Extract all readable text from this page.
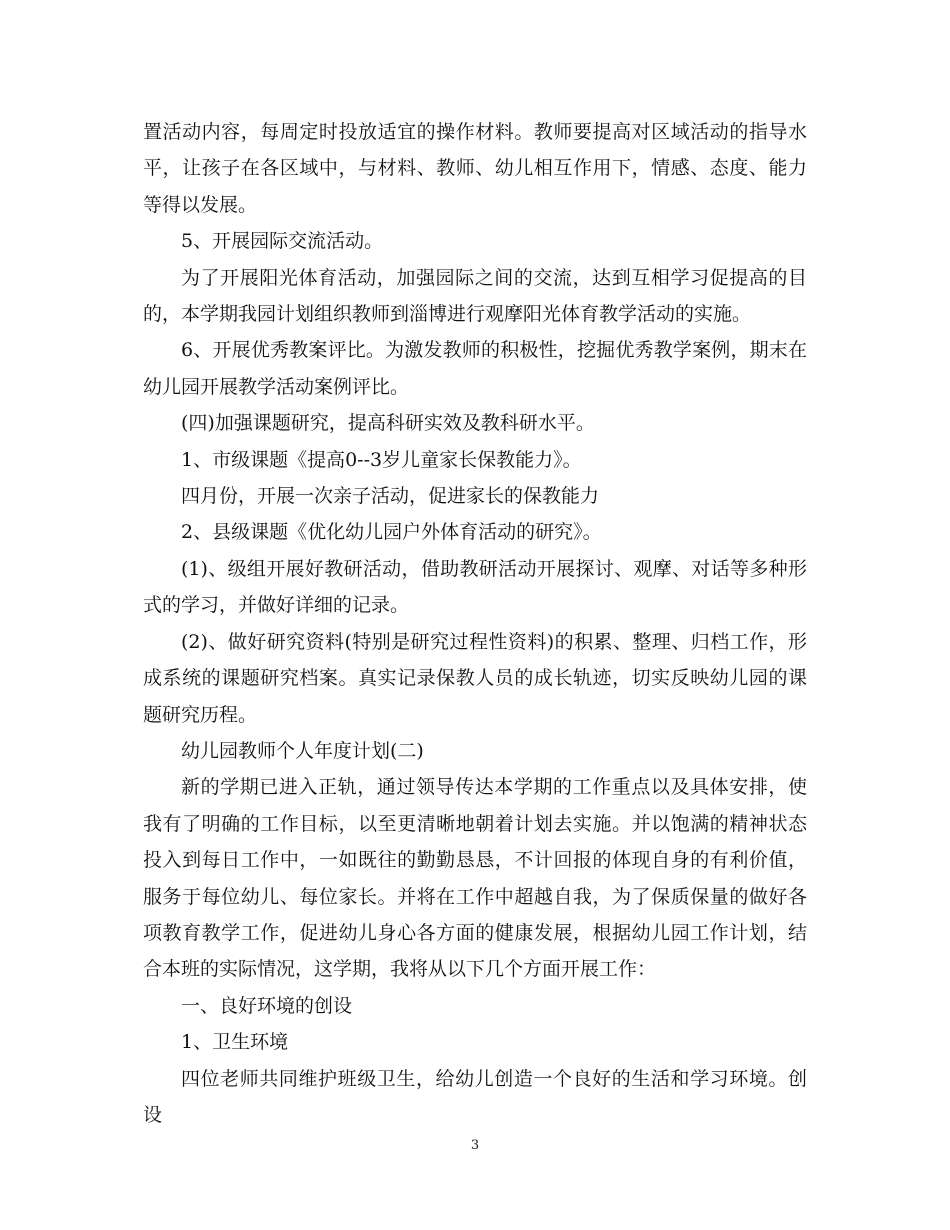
置活动内容，每周定时投放适宜的操作材料。教师要提高对区域活动的指导水平，让孩子在各区域中，与材料、教师、幼儿相互作用下，情感、态度、能力等得以发展。

5、开展园际交流活动。

为了开展阳光体育活动，加强园际之间的交流，达到互相学习促提高的目的，本学期我园计划组织教师到淄博进行观摩阳光体育教学活动的实施。

6、开展优秀教案评比。为激发教师的积极性，挖掘优秀教学案例，期末在幼儿园开展教学活动案例评比。

(四)加强课题研究，提高科研实效及教科研水平。

1、市级课题《提高0--3岁儿童家长保教能力》。

四月份，开展一次亲子活动，促进家长的保教能力

2、县级课题《优化幼儿园户外体育活动的研究》。

(1)、级组开展好教研活动，借助教研活动开展探讨、观摩、对话等多种形式的学习，并做好详细的记录。

(2)、做好研究资料(特别是研究过程性资料)的积累、整理、归档工作，形成系统的课题研究档案。真实记录保教人员的成长轨迹，切实反映幼儿园的课题研究历程。

幼儿园教师个人年度计划(二)

新的学期已进入正轨，通过领导传达本学期的工作重点以及具体安排，使我有了明确的工作目标，以至更清晰地朝着计划去实施。并以饱满的精神状态投入到每日工作中，一如既往的勤勤恳恳，不计回报的体现自身的有利价值，服务于每位幼儿、每位家长。并将在工作中超越自我，为了保质保量的做好各项教育教学工作，促进幼儿身心各方面的健康发展，根据幼儿园工作计划，结合本班的实际情况，这学期，我将从以下几个方面开展工作：

一、良好环境的创设

1、卫生环境

四位老师共同维护班级卫生，给幼儿创造一个良好的生活和学习环境。创设

3
